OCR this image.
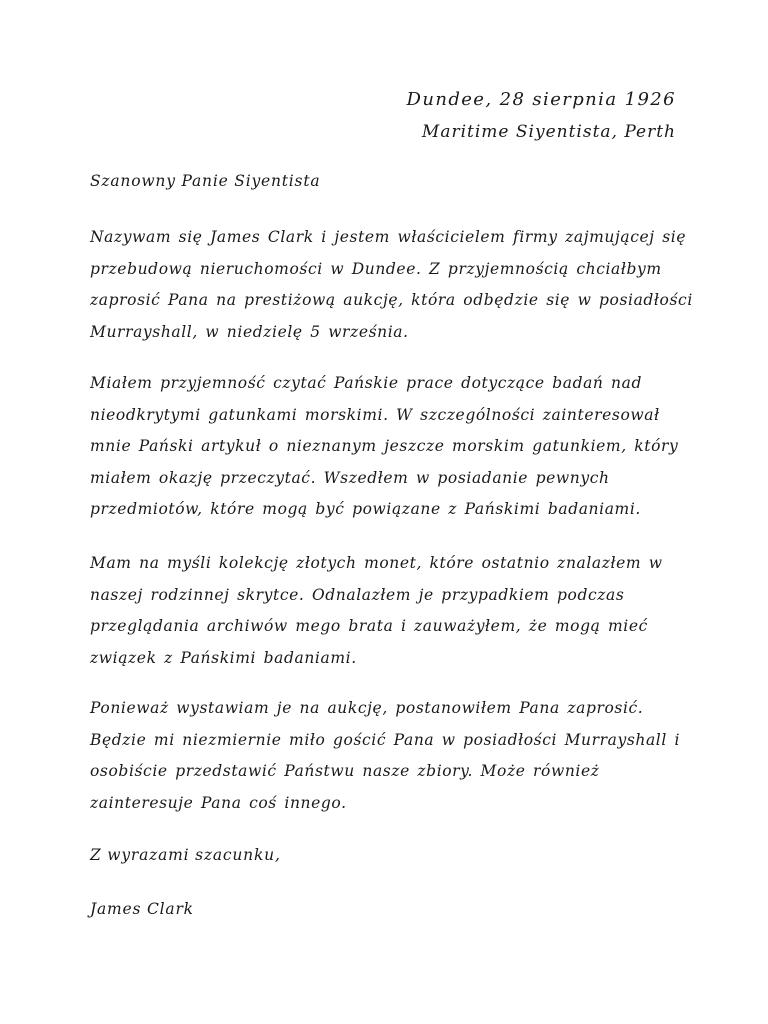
Dundee, 28 sierpnia 1926
Maritime Siyentista, Perth
Szanowny Panie Siyentista
Nazywam się James Clark i jestem właścicielem firmy zajmującej się
przebudową nieruchomości w Dundee. Z przyjemnością chciałbym
zaprosić Pana na prestiżową aukcję, która odbędzie się w posiadłości
Murrayshall, w niedzielę 5 września.
Miałem przyjemność czytać Pańskie prace dotyczące badań nad
nieodkrytymi gatunkami morskimi. W szczególności zainteresował
mnie Pański artykuł o nieznanym jeszcze morskim gatunkiem, który
miałem okazję przeczytać. Wszedłem w posiadanie pewnych
przedmiotów, które mogą być powiązane z Pańskimi badaniami.
Mam na myśli kolekcję złotych monet, które ostatnio znalazłem w
naszej rodzinnej skrytce. Odnalazłem je przypadkiem podczas
przeglądania archiwów mego brata i zauważyłem, że mogą mieć
związek z Pańskimi badaniami.
Ponieważ wystawiam je na aukcję, postanowiłem Pana zaprosić.
Będzie mi niezmiernie miło gościć Pana w posiadłości Murrayshall i
osobiście przedstawić Państwu nasze zbiory. Może również
zainteresuje Pana coś innego.
Z wyrazami szacunku,
James Clark
